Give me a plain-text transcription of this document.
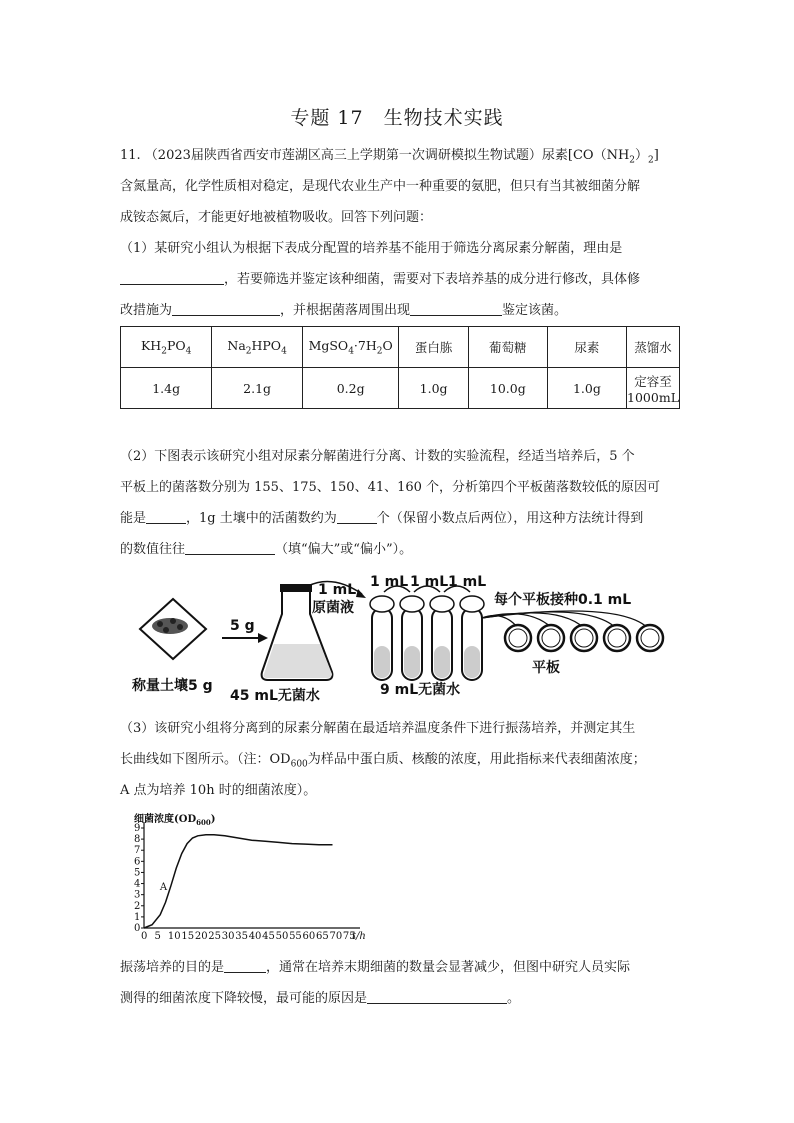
专题 17　生物技术实践
11. （2023届陕西省西安市莲湖区高三上学期第一次调研模拟生物试题）尿素$[CO(NH_2)_2]$
含氮量高，化学性质相对稳定，是现代农业生产中一种重要的氨肥，但只有当其被细菌分解
成铵态氮后，才能更好地被植物吸收。回答下列问题：
（1）某研究小组认为根据下表成分配置的培养基不能用于筛选分离尿素分解菌，理由是
，若要筛选并鉴定该种细菌，需要对下表培养基的成分进行修改，具体修
改措施为	，并根据菌落周围出现	鉴定该菌。
$KH_2PO_4$	$Na_2HPO_4$	$MgSO_4\cdot 7H_2O$	蛋白胨	葡萄糖	尿素	蒸馏水
1.4g	2.1g	0.2g	1.0g	10.0g	1.0g	定容至 1000mL
（2）下图表示该研究小组对尿素分解菌进行分离、计数的实验流程，经适当培养后，5 个
平板上的菌落数分别为 155、175、150、41、160 个，分析第四个平板菌落数较低的原因可
能是	，1g 土壤中的活菌数约为	个（保留小数点后两位），用这种方法统计得到
的数值往往	（填“偏大”或“偏小”）。
称量土壤5 g
5 g
45 mL无菌水
1 mL
原菌液
1 mL 1 mL 1 mL
9 mL无菌水
每个平板接种0.1 mL
平板
（3）该研究小组将分离到的尿素分解菌在最适培养温度条件下进行振荡培养，并测定其生
长曲线如下图所示。（注：$OD_{600}$为样品中蛋白质、核酸的浓度，用此指标来代表细菌浓度；
A 点为培养 10h 时的细菌浓度）。
细菌浓度$(OD_{600})$
0
1
2
3
4
5
6
7
8
9
0 5 10 15 20 25 30 35 40 45 50 55 60 65 70 75
t/h
A
振荡培养的目的是	，通常在培养末期细菌的数量会显著减少，但图中研究人员实际
测得的细菌浓度下降较慢，最可能的原因是	。
